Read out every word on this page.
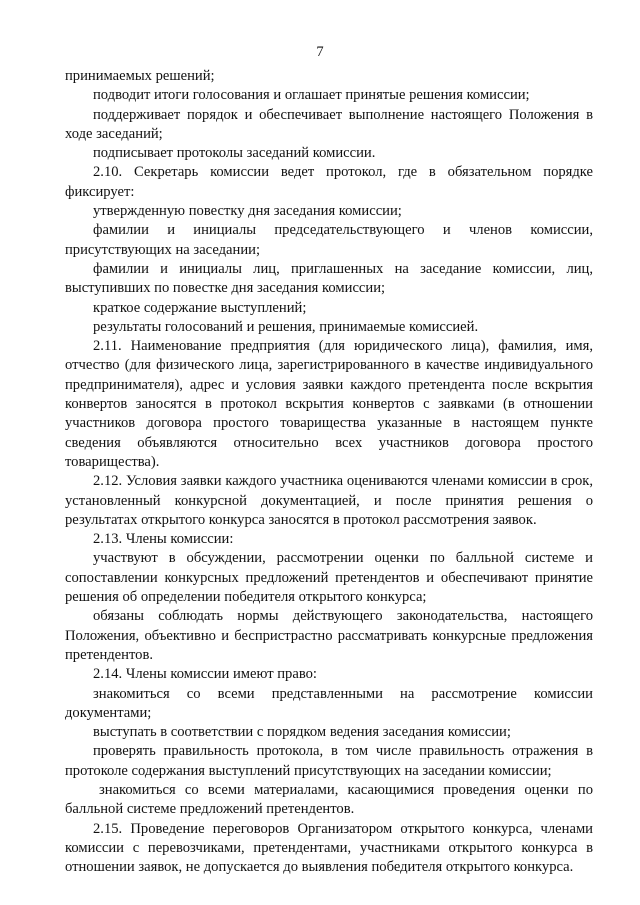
7

принимаемых решений;

подводит итоги голосования и оглашает принятые решения комиссии;

поддерживает порядок и обеспечивает выполнение настоящего Положения в ходе заседаний;

подписывает протоколы заседаний комиссии.

2.10. Секретарь комиссии ведет протокол, где в обязательном порядке фиксирует:

утвержденную повестку дня заседания комиссии;

фамилии и инициалы председательствующего и членов комиссии, присутствующих на заседании;

фамилии и инициалы лиц, приглашенных на заседание комиссии, лиц, выступивших по повестке дня заседания комиссии;

краткое содержание выступлений;

результаты голосований и решения, принимаемые комиссией.

2.11. Наименование предприятия (для юридического лица), фамилия, имя, отчество (для физического лица, зарегистрированного в качестве индивидуального предпринимателя), адрес и условия заявки каждого претендента после вскрытия конвертов заносятся в протокол вскрытия конвертов с заявками (в отношении участников договора простого товарищества указанные в настоящем пункте сведения объявляются относительно всех участников договора простого товарищества).

2.12. Условия заявки каждого участника оцениваются членами комиссии в срок, установленный конкурсной документацией, и после принятия решения о результатах открытого конкурса заносятся в протокол рассмотрения заявок.

2.13. Члены комиссии:

участвуют в обсуждении, рассмотрении оценки по балльной системе и сопоставлении конкурсных предложений претендентов и обеспечивают принятие решения об определении победителя открытого конкурса;

обязаны соблюдать нормы действующего законодательства, настоящего Положения, объективно и беспристрастно рассматривать конкурсные предложения претендентов.

2.14. Члены комиссии имеют право:

знакомиться со всеми представленными на рассмотрение комиссии документами;

выступать в соответствии с порядком ведения заседания комиссии;

проверять правильность протокола, в том числе правильность отражения в протоколе содержания выступлений присутствующих на заседании комиссии;

знакомиться со всеми материалами, касающимися проведения оценки по балльной системе предложений претендентов.

2.15. Проведение переговоров Организатором открытого конкурса, членами комиссии с перевозчиками, претендентами, участниками открытого конкурса в отношении заявок, не допускается до выявления победителя открытого конкурса.
